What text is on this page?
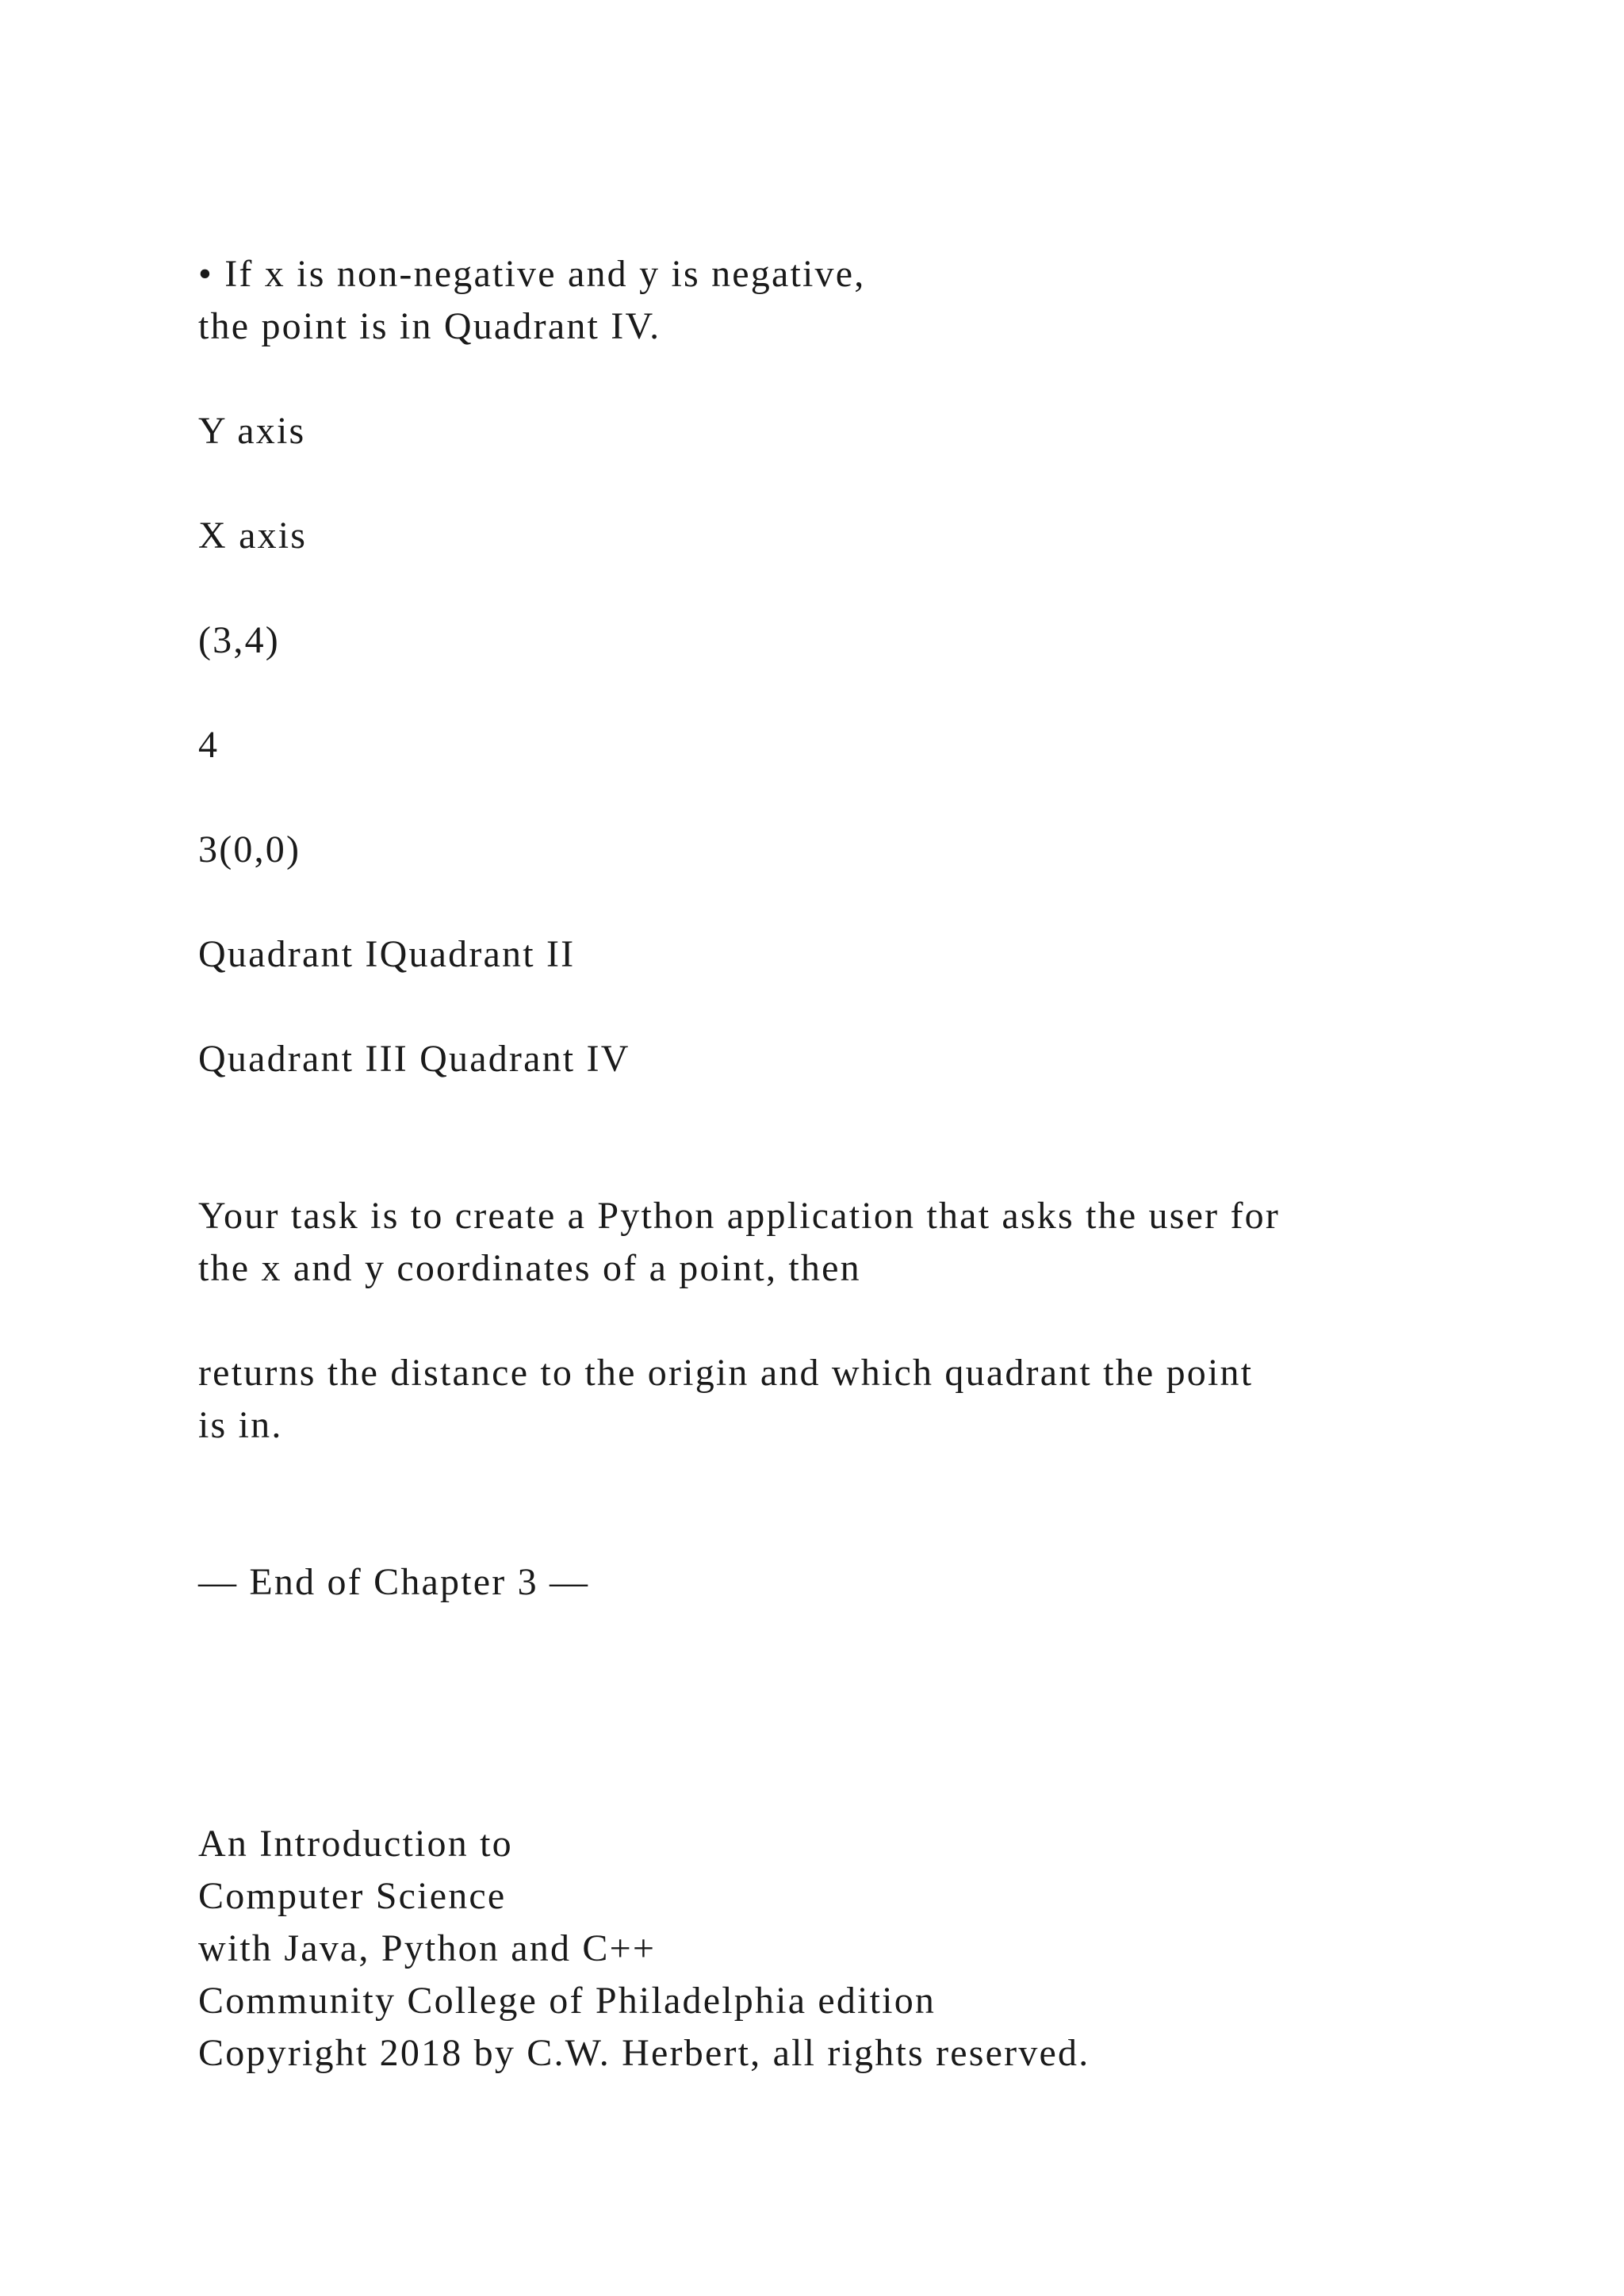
• If x is non-negative and y is negative,
the point is in Quadrant IV.
Y axis
X axis
(3,4)
4
3(0,0)
Quadrant IQuadrant II
Quadrant III Quadrant IV
Your task is to create a Python application that asks the user for
the x and y coordinates of a point, then
returns the distance to the origin and which quadrant the point
is in.
— End of Chapter 3 —
An Introduction to
Computer Science
with Java, Python and C++
Community College of Philadelphia edition
Copyright 2018 by C.W. Herbert, all rights reserved.
